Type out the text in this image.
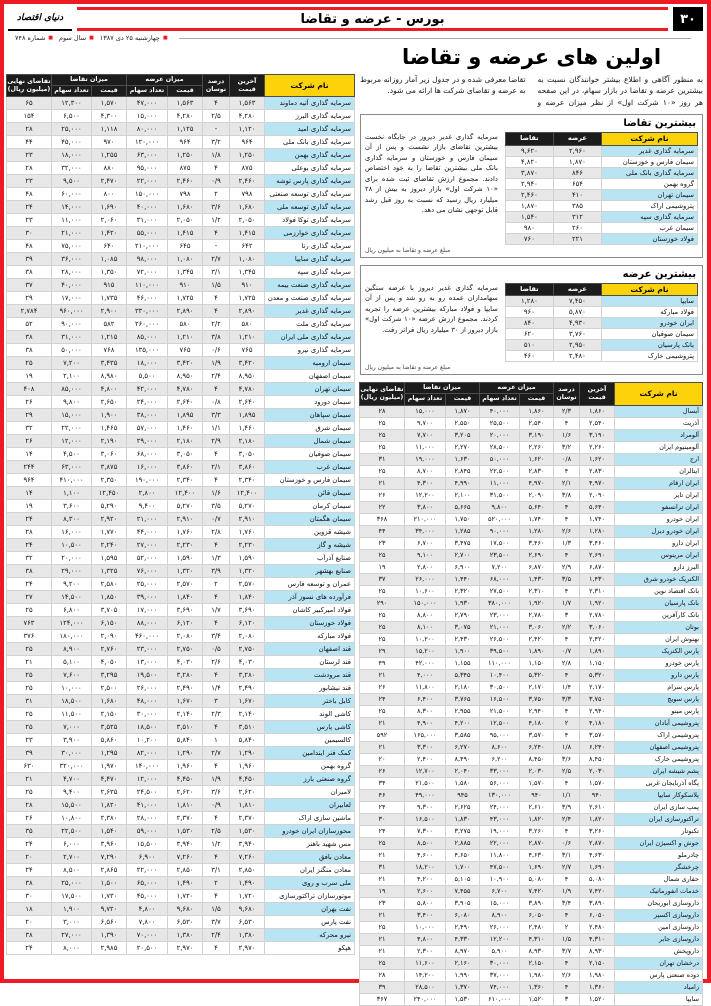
۳۰
بورس - عرضه و تقاضا
دنیای اقتصاد
■ چهارشنبه ۲۵ دی ۱۳۸۷
■ سال سوم
■ شماره ۷۴۸
اولین های عرضه و تقاضا

به منظور آگاهی و اطلاع بیشتر خوانندگان نسبت به بیشترین عرضه و تقاضا در بازار سهام، در این صفحه هر روز «۱۰ شرکت اول» از نظر میزان عرضه و تقاضا معرفی شده و در جدول زیر آمار روزانه مربوط به عرضه و تقاضای شرکت ها ارائه می شود.

بیشترین تقاضا
نام شرکت	عرضه	تقاضا
سرمایه گذاری غدیر	۲,۹۶۰	۹,۶۲۰
سیمان فارس و خوزستان	۱,۸۷۰	۴,۸۲۰
سرمایه گذاری بانک ملی	۸۴۶	۳,۸۷۰
گروه بهمن	۶۵۴	۲,۹۴۰
سیمان تهران	۴۱۰	۲,۴۶۰
پتروشیمی اراک	۳۸۵	۱,۸۷۰
سرمایه گذاری سپه	۳۱۲	۱,۵۴۰
سیمان غرب	۲۶۰	۹۸۰
فولاد خوزستان	۲۲۱	۷۶۰

سرمایه گذاری غدیر دیروز در جایگاه نخست بیشترین تقاضای بازار نشست و پس از آن سیمان فارس و خوزستان و سرمایه گذاری بانک ملی بیشترین تقاضا را به خود اختصاص دادند. مجموع ارزش تقاضای ثبت شده برای «۱۰ شرکت اول» بازار دیروز به بیش از ۲۸ میلیارد ریال رسید که نسبت به روز قبل رشد قابل توجهی نشان می دهد.

مبلغ عرضه و تقاضا به میلیون ریال
بیشترین عرضه
نام شرکت	عرضه	تقاضا
سایپا	۷,۴۵۰	۱,۲۸۰
فولاد مبارکه	۵,۸۷۰	۹۶۰
ایران خودرو	۴,۹۳۰	۸۴۰
سیمان صوفیان	۳,۷۶۰	۶۲۰
بانک پارسیان	۲,۹۵۰	۵۱۰
پتروشیمی خارک	۲,۴۸۰	۴۶۰

سرمایه گذاری غدیر دیروز با عرضه سنگین سهامداران عمده رو به رو شد و پس از آن سایپا و فولاد مبارکه بیشترین عرضه را تجربه کردند. مجموع ارزش عرضه «۱۰ شرکت اول» بازار دیروز از ۳۰ میلیارد ریال فراتر رفت.

مبلغ عرضه و تقاضا به میلیون ریال
نام شرکت	آخرین قیمت	درصد نوسان	میزان عرضه		میزان تقاضا		تقاضای نهایی (میلیون ریال)
			قیمت	تعداد سهام	قیمت	تعداد سهام	
آبسال	۱,۸۶۰	۲/۳	۱,۸۶۰	۴۰,۰۰۰	۱,۸۷۰	۱۵,۰۰۰	۲۸
آذریت	۲,۵۴۰	۴	۲,۵۴۰	۲۵,۵۰۰	۲,۵۵۰	۹,۷۰۰	۲۵
آلومراد	۳,۱۹۰	۱/۶	۳,۱۹۰	۲۰,۰۰۰	۳,۲۰۵	۷,۷۰۰	۲۵
آلومینیوم ایران	۲,۲۶۰	۳/۲	۲,۲۶۰	۲۸,۵۰۰	۲,۲۷۰	۱۱,۰۰۰	۲۵
ارج	۱,۶۲۰	۰/۸	۱,۶۲۰	۵۰,۰۰۰	۱,۶۳۰	۱۹,۰۰۰	۳۱
ایتالران	۲,۸۳۰	۴	۲,۸۳۰	۲۲,۵۰۰	۲,۸۴۵	۸,۷۰۰	۲۵
ایران ارقام	۴,۹۷۰	۲/۱	۴,۹۷۰	۱۱,۰۰۰	۴,۹۹۰	۴,۳۰۰	۲۱
ایران تایر	۲,۰۹۰	۳/۸	۲,۰۹۰	۳۱,۵۰۰	۲,۱۰۰	۱۲,۲۰۰	۲۶
ایران ترانسفو	۵,۶۴۰	۴	۵,۶۴۰	۹,۸۰۰	۵,۶۶۵	۳,۸۰۰	۲۲
ایران خودرو	۱,۷۴۰	۴	۱,۷۴۰	۵۲۰,۰۰۰	۱,۷۵۰	۲۱۰,۰۰۰	۳۶۸
ایران خودرو دیزل	۱,۲۸۰	۲/۶	۱,۲۸۰	۹۰,۰۰۰	۱,۲۸۵	۳۴,۰۰۰	۴۴
ایران دارو	۳,۴۶۰	۱/۳	۳,۴۶۰	۱۷,۵۰۰	۳,۴۷۵	۶,۷۰۰	۲۳
ایران مرینوس	۲,۶۹۰	۴	۲,۶۹۰	۲۳,۵۰۰	۲,۷۰۰	۹,۱۰۰	۲۵
البرز دارو	۶,۸۷۰	۲/۹	۶,۸۷۰	۷,۲۰۰	۶,۹۰۰	۲,۸۰۰	۱۹
الکتریک خودرو شرق	۱,۴۳۰	۳/۵	۱,۴۳۰	۶۸,۰۰۰	۱,۴۴۰	۲۶,۰۰۰	۳۷
بانک اقتصاد نوین	۲,۳۱۰	۴	۲,۳۱۰	۲۷,۵۰۰	۲,۳۲۰	۱۰,۶۰۰	۲۵
بانک پارسیان	۱,۹۲۰	۱/۷	۱,۹۲۰	۳۸۰,۰۰۰	۱,۹۳۰	۱۵۰,۰۰۰	۲۹۰
بانک کارآفرین	۲,۷۸۰	۳	۲,۷۸۰	۲۳,۰۰۰	۲,۷۹۰	۸,۸۰۰	۲۵
بوتان	۳,۰۶۰	۲/۲	۳,۰۶۰	۲۱,۰۰۰	۳,۰۷۵	۸,۱۰۰	۲۵
بهنوش ایران	۲,۴۲۰	۴	۲,۴۲۰	۲۶,۵۰۰	۲,۴۳۰	۱۰,۲۰۰	۲۵
پارس الکتریک	۱,۸۹۰	۰/۷	۱,۸۹۰	۳۹,۵۰۰	۱,۹۰۰	۱۵,۲۰۰	۲۹
پارس خودرو	۱,۱۵۰	۲/۸	۱,۱۵۰	۱۱۰,۰۰۰	۱,۱۵۵	۴۲,۰۰۰	۴۹
پارس دارو	۵,۳۲۰	۴	۵,۳۲۰	۱۰,۴۰۰	۵,۳۴۵	۴,۰۰۰	۲۱
پارس سرام	۲,۱۷۰	۱/۴	۲,۱۷۰	۳۰,۵۰۰	۲,۱۸۰	۱۱,۸۰۰	۲۶
پارس سویچ	۳,۷۵۰	۳/۳	۳,۷۵۰	۱۶,۵۰۰	۳,۷۶۵	۶,۴۰۰	۲۴
پارس مینو	۲,۹۴۰	۴	۲,۹۴۰	۲۱,۵۰۰	۲,۹۵۵	۸,۳۰۰	۲۵
پتروشیمی آبادان	۴,۱۸۰	۲	۴,۱۸۰	۱۲,۵۰۰	۴,۲۰۰	۴,۹۰۰	۲۱
پتروشیمی اراک	۳,۵۷۰	۴	۳,۵۷۰	۹۵,۰۰۰	۳,۵۸۵	۱۶۵,۰۰۰	۵۹۲
پتروشیمی اصفهان	۶,۲۴۰	۱/۸	۶,۲۴۰	۸,۶۰۰	۶,۲۷۰	۳,۳۰۰	۲۱
پتروشیمی خارک	۸,۴۵۰	۳/۶	۸,۴۵۰	۶,۲۰۰	۸,۴۹۰	۲,۴۰۰	۲۰
پشم شیشه ایران	۲,۰۳۰	۲/۵	۲,۰۳۰	۳۳,۰۰۰	۲,۰۴۰	۱۲,۷۰۰	۲۶
پگاه آذربایجان غربی	۱,۵۷۰	۴	۱,۵۷۰	۵۶,۰۰۰	۱,۵۸۰	۲۱,۵۰۰	۳۴
پلاسکوکار سایپا	۹۴۰	۱/۱	۹۴۰	۱۳۰,۰۰۰	۹۴۵	۴۹,۰۰۰	۴۶
پمپ سازی ایران	۲,۶۱۰	۳/۹	۲,۶۱۰	۲۴,۰۰۰	۲,۶۲۵	۹,۳۰۰	۲۴
تراکتورسازی ایران	۱,۸۲۰	۲/۴	۱,۸۲۰	۴۳,۰۰۰	۱,۸۳۰	۱۶,۵۰۰	۳۰
تکنوتار	۳,۲۶۰	۴	۳,۲۶۰	۱۹,۰۰۰	۳,۲۷۵	۷,۳۰۰	۲۴
جوش و اکسیژن ایران	۲,۸۷۰	۰/۶	۲,۸۷۰	۲۲,۰۰۰	۲,۸۸۵	۸,۵۰۰	۲۵
چادرملو	۴,۶۳۰	۳/۱	۴,۶۳۰	۱۱,۸۰۰	۴,۶۵۰	۴,۶۰۰	۲۱
چرخشگر	۱,۶۹۰	۲/۷	۱,۶۹۰	۴۷,۵۰۰	۱,۷۰۰	۱۸,۲۰۰	۳۱
حفاری شمال	۵,۰۸۰	۴	۵,۰۸۰	۱۰,۹۰۰	۵,۱۰۵	۴,۲۰۰	۲۱
خدمات انفورماتیک	۷,۴۲۰	۱/۹	۷,۴۲۰	۶,۷۰۰	۷,۴۵۵	۲,۶۰۰	۱۹
داروسازی ابوریحان	۳,۸۹۰	۳/۴	۳,۸۹۰	۱۵,۰۰۰	۳,۹۰۵	۵,۸۰۰	۲۳
داروسازی اکسیر	۶,۰۵۰	۴	۶,۰۵۰	۸,۹۰۰	۶,۰۸۰	۳,۴۰۰	۲۱
داروسازی امین	۲,۴۸۰	۲	۲,۴۸۰	۲۶,۰۰۰	۲,۴۹۰	۱۰,۰۰۰	۲۵
داروسازی جابر	۴,۳۱۰	۱/۵	۴,۳۱۰	۱۲,۲۰۰	۴,۳۳۰	۴,۸۰۰	۲۱
داروپخش	۸,۹۳۰	۳/۷	۸,۹۳۰	۵,۹۰۰	۸,۹۷۰	۲,۳۰۰	۲۱
درخشان تهران	۲,۱۵۰	۴	۲,۱۵۰	۳۰,۰۰۰	۲,۱۶۰	۱۱,۶۰۰	۲۵
دوده صنعتی پارس	۱,۹۸۰	۲/۶	۱,۹۸۰	۳۷,۰۰۰	۱,۹۹۰	۱۴,۲۰۰	۲۸
زامیاد	۱,۳۶۰	۴	۱,۳۶۰	۷۴,۰۰۰	۱,۳۷۰	۲۸,۵۰۰	۳۹
سایپا	۱,۵۲۰	۳	۱,۵۲۰	۶۱۰,۰۰۰	۱,۵۳۰	۲۴۰,۰۰۰	۳۶۷
نام شرکت	آخرین قیمت	درصد نوسان	میزان عرضه		میزان تقاضا		تقاضای نهایی (میلیون ریال)
			قیمت	تعداد سهام	قیمت	تعداد سهام	
سرمایه گذاری آتیه دماوند	۱,۵۶۳	۴	۱,۵۶۳	۴۷,۰۰۰	۱,۵۷۰	۱۲,۳۰۰	۶۵
سرمایه گذاری البرز	۴,۲۸۰	۲/۵	۴,۲۸۰	۱۵,۰۰۰	۴,۳۰۰	۶,۵۰۰	۱۵۴
سرمایه گذاری امید	۱,۱۲۰	-	۱,۱۲۵	۸۰,۰۰۰	۱,۱۱۸	۲۵,۰۰۰	۲۸
سرمایه گذاری بانک ملی	۹۶۴	۳/۲	۹۶۴	۱۲۰,۰۰۰	۹۷۰	۴۵,۰۰۰	۴۴
سرمایه گذاری بهمن	۱,۲۵۰	۱/۸	۱,۲۵۰	۶۳,۰۰۰	۱,۲۵۵	۱۸,۰۰۰	۲۳
سرمایه گذاری بوعلی	۸۷۵	۴	۸۷۵	۹۵,۰۰۰	۸۸۰	۳۲,۰۰۰	۲۸
سرمایه گذاری پارس توشه	۲,۴۶۰	۰/۹	۲,۴۶۰	۲۲,۰۰۰	۲,۴۷۰	۹,۵۰۰	۲۳
سرمایه گذاری توسعه صنعتی	۷۹۸	۲	۷۹۸	۱۵۰,۰۰۰	۸۰۰	۶۰,۰۰۰	۴۸
سرمایه گذاری توسعه ملی	۱,۶۸۰	۳/۶	۱,۶۸۰	۴۰,۰۰۰	۱,۶۹۰	۱۴,۰۰۰	۲۴
سرمایه گذاری توکا فولاد	۲,۰۵۰	۱/۲	۲,۰۵۰	۳۱,۰۰۰	۲,۰۶۰	۱۱,۰۰۰	۲۳
سرمایه گذاری خوارزمی	۱,۴۱۵	۴	۱,۴۱۵	۵۵,۰۰۰	۱,۴۲۰	۲۱,۰۰۰	۳۰
سرمایه گذاری رنا	۶۴۲	-	۶۴۵	۲۱۰,۰۰۰	۶۴۰	۷۵,۰۰۰	۴۸
سرمایه گذاری سایپا	۱,۰۸۰	۲/۷	۱,۰۸۰	۹۸,۰۰۰	۱,۰۸۵	۳۶,۰۰۰	۳۹
سرمایه گذاری سپه	۱,۳۴۵	۳/۱	۱,۳۴۵	۷۲,۰۰۰	۱,۳۵۰	۲۸,۰۰۰	۳۸
سرمایه گذاری صنعت بیمه	۹۱۰	۱/۵	۹۱۰	۱۱۰,۰۰۰	۹۱۵	۴۰,۰۰۰	۳۷
سرمایه گذاری صنعت و معدن	۱,۷۲۵	۴	۱,۷۲۵	۴۶,۰۰۰	۱,۷۳۵	۱۷,۰۰۰	۲۹
سرمایه گذاری غدیر	۲,۸۹۰	۴	۲,۸۹۰	۳۳۰,۰۰۰	۲,۹۰۰	۹۶۰,۰۰۰	۲,۷۸۴
سرمایه گذاری ملت	۵۸۰	۲/۲	۵۸۰	۲۶۰,۰۰۰	۵۸۲	۹۰,۰۰۰	۵۲
سرمایه گذاری ملی ایران	۱,۲۱۰	۳/۸	۱,۲۱۰	۸۵,۰۰۰	۱,۲۱۵	۳۱,۰۰۰	۳۸
سرمایه گذاری نیرو	۷۶۵	۰/۶	۷۶۵	۱۳۵,۰۰۰	۷۶۸	۵۰,۰۰۰	۳۸
سیمان ارومیه	۳,۴۲۰	۱/۹	۳,۴۲۰	۱۸,۰۰۰	۳,۴۳۵	۷,۲۰۰	۲۵
سیمان اصفهان	۸,۹۵۰	۲/۴	۸,۹۵۰	۵,۵۰۰	۸,۹۸۰	۲,۱۰۰	۱۹
سیمان تهران	۴,۷۸۰	۴	۴,۷۸۰	۴۲,۰۰۰	۴,۸۰۰	۸۵,۰۰۰	۴۰۸
سیمان دورود	۲,۶۴۰	۰/۸	۲,۶۴۰	۲۴,۰۰۰	۲,۶۵۰	۹,۸۰۰	۲۶
سیمان سپاهان	۱,۸۹۵	۳/۳	۱,۸۹۵	۳۸,۰۰۰	۱,۹۰۰	۱۵,۰۰۰	۲۹
سیمان شرق	۱,۴۶۰	۱/۱	۱,۴۶۰	۵۷,۰۰۰	۱,۴۶۵	۲۲,۰۰۰	۳۲
سیمان شمال	۲,۱۸۰	۲/۹	۲,۱۸۰	۲۹,۰۰۰	۲,۱۹۰	۱۲,۰۰۰	۲۶
سیمان صوفیان	۳,۰۵۰	۴	۳,۰۵۰	۶۸,۰۰۰	۳,۰۶۰	۴,۵۰۰	۱۴
سیمان غرب	۳,۸۶۰	۲/۱	۳,۸۶۰	۱۶,۰۰۰	۳,۸۷۵	۶۳,۰۰۰	۲۴۴
سیمان فارس و خوزستان	۲,۳۴۰	۴	۲,۳۴۰	۱۹۰,۰۰۰	۲,۳۵۰	۴۱۰,۰۰۰	۹۶۴
سیمان قائن	۱۲,۴۰۰	۱/۶	۱۲,۴۰۰	۲,۸۰۰	۱۲,۴۵۰	۱,۱۰۰	۱۴
سیمان کرمان	۵,۲۷۰	۳/۵	۵,۲۷۰	۹,۴۰۰	۵,۲۹۰	۳,۶۰۰	۱۹
سیمان هگمتان	۲,۹۱۰	۰/۷	۲,۹۱۰	۲۱,۰۰۰	۲,۹۲۰	۸,۳۰۰	۲۴
شیشه قزوین	۱,۷۶۰	۲/۸	۱,۷۶۰	۴۴,۰۰۰	۱,۷۷۰	۱۶,۰۰۰	۲۸
شیشه و گاز	۲,۲۳۰	۴	۲,۲۳۰	۲۷,۰۰۰	۲,۲۴۰	۱۰,۵۰۰	۲۴
صنایع آذرآب	۱,۵۹۰	۱/۳	۱,۵۹۰	۵۲,۰۰۰	۱,۵۹۵	۲۰,۰۰۰	۳۲
صنایع بهشهر	۱,۳۲۰	۳/۹	۱,۳۲۰	۷۶,۰۰۰	۱,۳۲۵	۲۹,۰۰۰	۳۸
عمران و توسعه فارس	۲,۵۷۰	۲	۲,۵۷۰	۲۵,۰۰۰	۲,۵۸۰	۹,۲۰۰	۲۴
فرآورده های نسوز آذر	۱,۸۴۰	۴	۱,۸۴۰	۳۹,۰۰۰	۱,۸۵۰	۱۴,۵۰۰	۲۷
فولاد امیرکبیر کاشان	۳,۶۹۰	۱/۷	۳,۶۹۰	۱۷,۰۰۰	۳,۷۰۵	۶,۸۰۰	۲۵
فولاد خوزستان	۶,۱۲۰	۴	۶,۱۲۰	۸۸,۰۰۰	۶,۱۵۰	۱۲۴,۰۰۰	۷۶۳
فولاد مبارکه	۲,۰۸۰	۳/۴	۲,۰۸۰	۴۶۰,۰۰۰	۲,۰۹۰	۱۸۰,۰۰۰	۳۷۶
قند اصفهان	۲,۷۵۰	۰/۵	۲,۷۵۰	۲۳,۰۰۰	۲,۷۶۰	۸,۹۰۰	۲۵
قند لرستان	۴,۰۳۰	۲/۶	۴,۰۳۰	۱۳,۰۰۰	۴,۰۵۰	۵,۱۰۰	۲۱
قند مرودشت	۳,۲۸۰	۴	۳,۲۸۰	۱۹,۵۰۰	۳,۲۹۵	۷,۶۰۰	۲۵
قند نیشابور	۲,۴۹۰	۱/۴	۲,۴۹۰	۲۶,۰۰۰	۲,۵۰۰	۱۰,۰۰۰	۲۵
کابل باختر	۱,۶۷۰	۳	۱,۶۷۰	۴۸,۰۰۰	۱,۶۸۰	۱۸,۵۰۰	۳۱
کاشی الوند	۲,۱۴۰	۲/۳	۲,۱۴۰	۳۰,۰۰۰	۲,۱۵۰	۱۱,۵۰۰	۲۵
کاشی پارس	۳,۵۱۰	۴	۳,۵۱۰	۱۸,۵۰۰	۳,۵۲۵	۷,۰۰۰	۲۵
کالسیمین	۵,۸۴۰	۱	۵,۸۴۰	۱۰,۲۰۰	۵,۸۶۰	۳,۹۰۰	۲۳
کمک فنر ایندامین	۱,۲۹۰	۲/۷	۱,۲۹۰	۸۲,۰۰۰	۱,۲۹۵	۳۰,۰۰۰	۳۹
گروه بهمن	۱,۹۶۰	۴	۱,۹۶۰	۱۴۰,۰۰۰	۱,۹۷۰	۳۲۰,۰۰۰	۶۳۰
گروه صنعتی بارز	۴,۴۵۰	۱/۹	۴,۴۵۰	۱۲,۰۰۰	۴,۴۷۰	۴,۷۰۰	۲۱
لامیران	۲,۶۲۰	۳/۶	۲,۶۲۰	۲۴,۵۰۰	۲,۶۳۵	۹,۴۰۰	۲۵
لعابیران	۱,۸۱۰	۰/۹	۱,۸۱۰	۴۱,۰۰۰	۱,۸۲۰	۱۵,۵۰۰	۲۸
ماشین سازی اراک	۲,۳۷۰	۴	۲,۳۷۰	۲۸,۰۰۰	۲,۳۸۰	۱۰,۸۰۰	۲۶
محورسازان ایران خودرو	۱,۵۳۰	۲/۵	۱,۵۳۰	۵۹,۰۰۰	۱,۵۴۰	۲۲,۵۰۰	۳۵
مس شهید باهنر	۳,۹۴۰	۱/۲	۳,۹۴۰	۱۵,۵۰۰	۳,۹۶۰	۶,۰۰۰	۲۴
معادن بافق	۷,۲۶۰	۴	۷,۲۶۰	۶,۹۰۰	۷,۲۹۰	۲,۷۰۰	۲۰
معادن منگنز ایران	۲,۸۵۰	۳/۱	۲,۸۵۰	۲۲,۰۰۰	۲,۸۶۵	۸,۵۰۰	۲۴
ملی سرب و روی	۱,۴۹۰	۲	۱,۴۹۰	۶۵,۰۰۰	۱,۵۰۰	۲۵,۰۰۰	۳۸
موتورسازان تراکتورسازی	۱,۷۲۰	۴	۱,۷۲۰	۴۵,۰۰۰	۱,۷۳۰	۱۷,۵۰۰	۳۰
نفت بهران	۹,۶۸۰	۱/۵	۹,۶۸۰	۴,۸۰۰	۹,۷۲۰	۱,۹۰۰	۱۸
نفت پارس	۶,۵۳۰	۳/۷	۶,۵۳۰	۷,۸۰۰	۶,۵۶۰	۳,۰۰۰	۲۰
نیرو محرکه	۱,۳۸۰	۲/۴	۱,۳۸۰	۷۰,۰۰۰	۱,۳۹۰	۲۷,۰۰۰	۳۸
هپکو	۲,۹۷۰	۴	۲,۹۷۰	۲۰,۵۰۰	۲,۹۸۵	۸,۰۰۰	۲۴
